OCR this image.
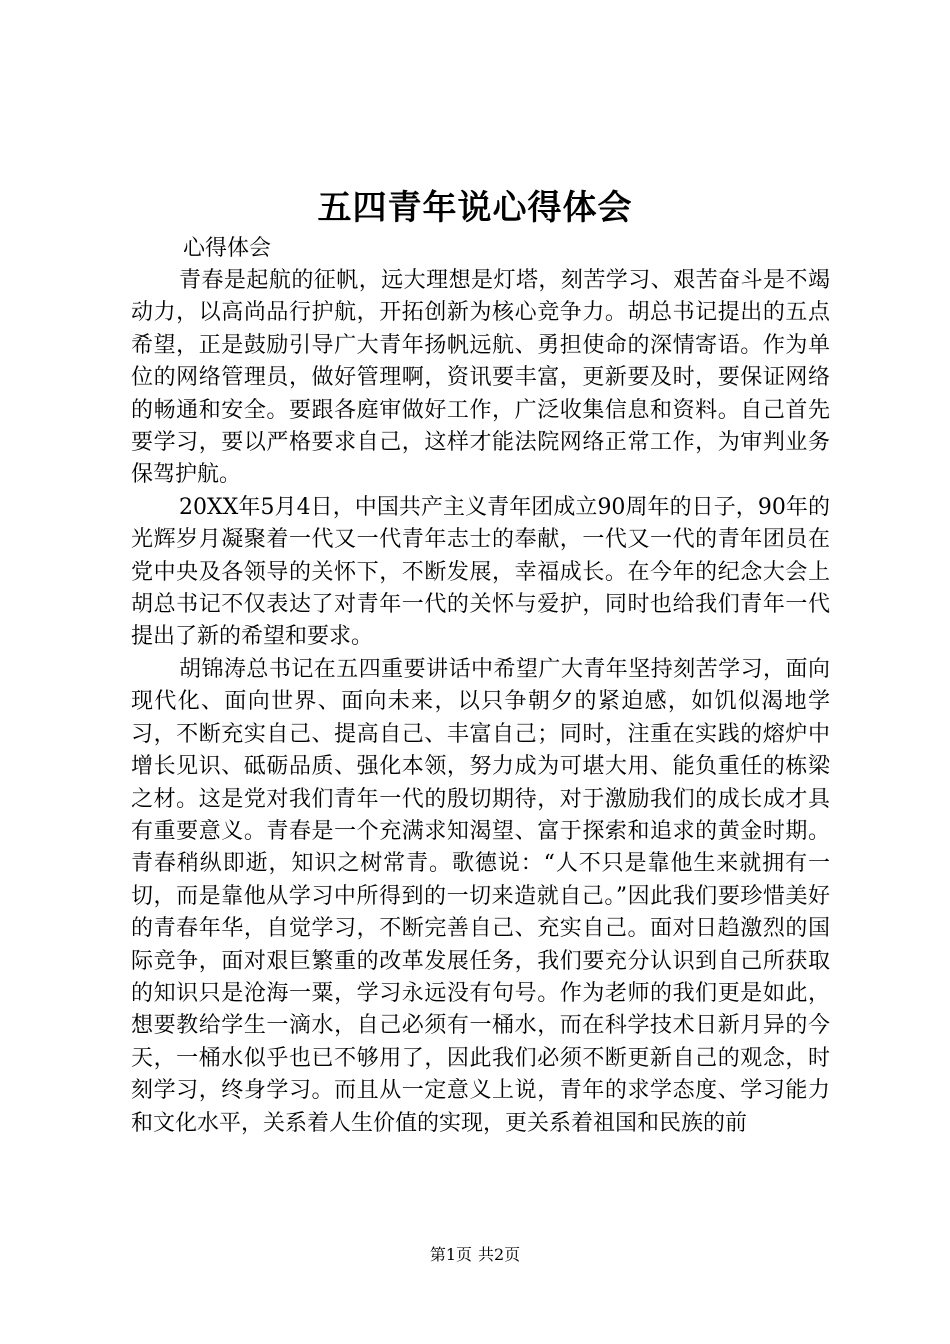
五四青年说心得体会
心得体会

青春是起航的征帆，远大理想是灯塔，刻苦学习、艰苦奋斗是不竭动力，以高尚品行护航，开拓创新为核心竞争力。胡总书记提出的五点希望，正是鼓励引导广大青年扬帆远航、勇担使命的深情寄语。作为单位的网络管理员，做好管理啊，资讯要丰富，更新要及时，要保证网络的畅通和安全。要跟各庭审做好工作，广泛收集信息和资料。自己首先要学习，要以严格要求自己，这样才能法院网络正常工作，为审判业务保驾护航。

20XX年5月4日，中国共产主义青年团成立90周年的日子，90年的光辉岁月凝聚着一代又一代青年志士的奉献，一代又一代的青年团员在党中央及各领导的关怀下，不断发展，幸福成长。在今年的纪念大会上胡总书记不仅表达了对青年一代的关怀与爱护，同时也给我们青年一代提出了新的希望和要求。

胡锦涛总书记在五四重要讲话中希望广大青年坚持刻苦学习，面向现代化、面向世界、面向未来，以只争朝夕的紧迫感，如饥似渴地学习，不断充实自己、提高自己、丰富自己；同时，注重在实践的熔炉中增长见识、砥砺品质、强化本领，努力成为可堪大用、能负重任的栋梁之材。这是党对我们青年一代的殷切期待，对于激励我们的成长成才具有重要意义。青春是一个充满求知渴望、富于探索和追求的黄金时期。青春稍纵即逝，知识之树常青。歌德说：“人不只是靠他生来就拥有一切，而是靠他从学习中所得到的一切来造就自己。”因此我们要珍惜美好的青春年华，自觉学习，不断完善自己、充实自己。面对日趋激烈的国际竞争，面对艰巨繁重的改革发展任务，我们要充分认识到自己所获取的知识只是沧海一粟，学习永远没有句号。作为老师的我们更是如此，想要教给学生一滴水，自己必须有一桶水，而在科学技术日新月异的今天，一桶水似乎也已不够用了，因此我们必须不断更新自己的观念，时刻学习，终身学习。而且从一定意义上说，青年的求学态度、学习能力和文化水平，关系着人生价值的实现，更关系着祖国和民族的前

第1页 共2页
